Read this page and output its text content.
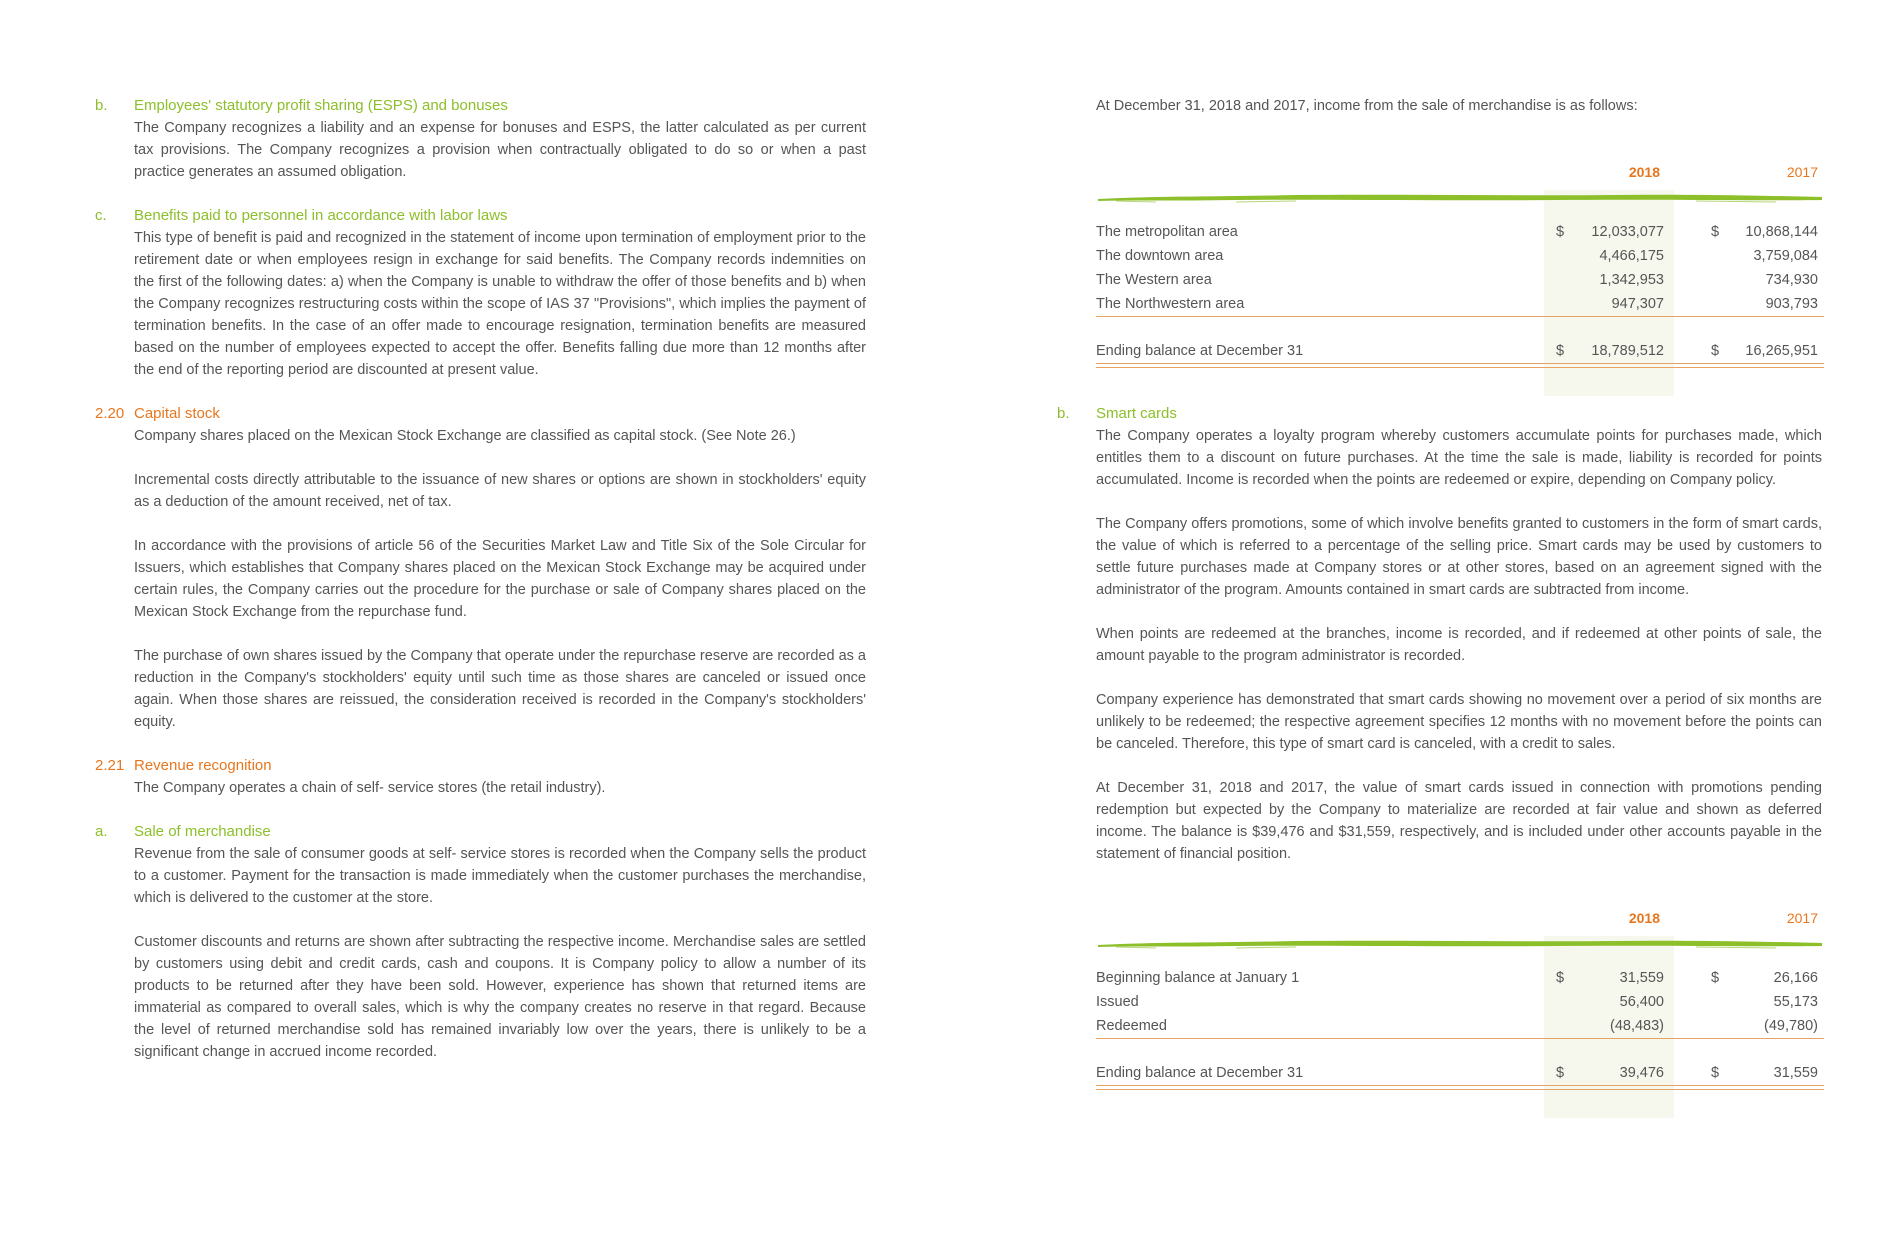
b.	Employees' statutory profit sharing (ESPS) and bonuses
The Company recognizes a liability and an expense for bonuses and ESPS, the latter calculated as per current tax provisions. The Company recognizes a provision when contractually obligated to do so or when a past practice generates an assumed obligation.
c.	Benefits paid to personnel in accordance with labor laws
This type of benefit is paid and recognized in the statement of income upon termination of employment prior to the retirement date or when employees resign in exchange for said benefits. The Company records indemnities on the first of the following dates: a) when the Company is unable to withdraw the offer of those benefits and b) when the Company recognizes restructuring costs within the scope of IAS 37 "Provisions", which implies the payment of termination benefits. In the case of an offer made to encourage resignation, termination benefits are measured based on the number of employees expected to accept the offer. Benefits falling due more than 12 months after the end of the reporting period are discounted at present value.
2.20 Capital stock
Company shares placed on the Mexican Stock Exchange are classified as capital stock. (See Note 26.)
Incremental costs directly attributable to the issuance of new shares or options are shown in stockholders' equity as a deduction of the amount received, net of tax.
In accordance with the provisions of article 56 of the Securities Market Law and Title Six of the Sole Circular for Issuers, which establishes that Company shares placed on the Mexican Stock Exchange may be acquired under certain rules, the Company carries out the procedure for the purchase or sale of Company shares placed on the Mexican Stock Exchange from the repurchase fund.
The purchase of own shares issued by the Company that operate under the repurchase reserve are recorded as a reduction in the Company's stockholders' equity until such time as those shares are canceled or issued once again. When those shares are reissued, the consideration received is recorded in the Company's stockholders' equity.
2.21 Revenue recognition
The Company operates a chain of self- service stores (the retail industry).
a.	Sale of merchandise
Revenue from the sale of consumer goods at self- service stores is recorded when the Company sells the product to a customer. Payment for the transaction is made immediately when the customer purchases the merchandise, which is delivered to the customer at the store.
Customer discounts and returns are shown after subtracting the respective income. Merchandise sales are settled by customers using debit and credit cards, cash and coupons. It is Company policy to allow a number of its products to be returned after they have been sold. However, experience has shown that returned items are immaterial as compared to overall sales, which is why the company creates no reserve in that regard. Because the level of returned merchandise sold has remained invariably low over the years, there is unlikely to be a significant change in accrued income recorded.
At December 31, 2018 and 2017, income from the sale of merchandise is as follows:
2018	2017
The metropolitan area	$ 12,033,077	$ 10,868,144
The downtown area	4,466,175	3,759,084
The Western area	1,342,953	734,930
The Northwestern area	947,307	903,793
Ending balance at December 31	$ 18,789,512	$ 16,265,951
b.	Smart cards
The Company operates a loyalty program whereby customers accumulate points for purchases made, which entitles them to a discount on future purchases. At the time the sale is made, liability is recorded for points accumulated. Income is recorded when the points are redeemed or expire, depending on Company policy.
The Company offers promotions, some of which involve benefits granted to customers in the form of smart cards, the value of which is referred to a percentage of the selling price. Smart cards may be used by customers to settle future purchases made at Company stores or at other stores, based on an agreement signed with the administrator of the program. Amounts contained in smart cards are subtracted from income.
When points are redeemed at the branches, income is recorded, and if redeemed at other points of sale, the amount payable to the program administrator is recorded.
Company experience has demonstrated that smart cards showing no movement over a period of six months are unlikely to be redeemed; the respective agreement specifies 12 months with no movement before the points can be canceled. Therefore, this type of smart card is canceled, with a credit to sales.
At December 31, 2018 and 2017, the value of smart cards issued in connection with promotions pending redemption but expected by the Company to materialize are recorded at fair value and shown as deferred income. The balance is $39,476 and $31,559, respectively, and is included under other accounts payable in the statement of financial position.
2018	2017
Beginning balance at January 1	$	31,559	$	26,166
Issued	56,400	55,173
Redeemed	(48,483)	(49,780)
Ending balance at December 31	$	39,476	$	31,559
